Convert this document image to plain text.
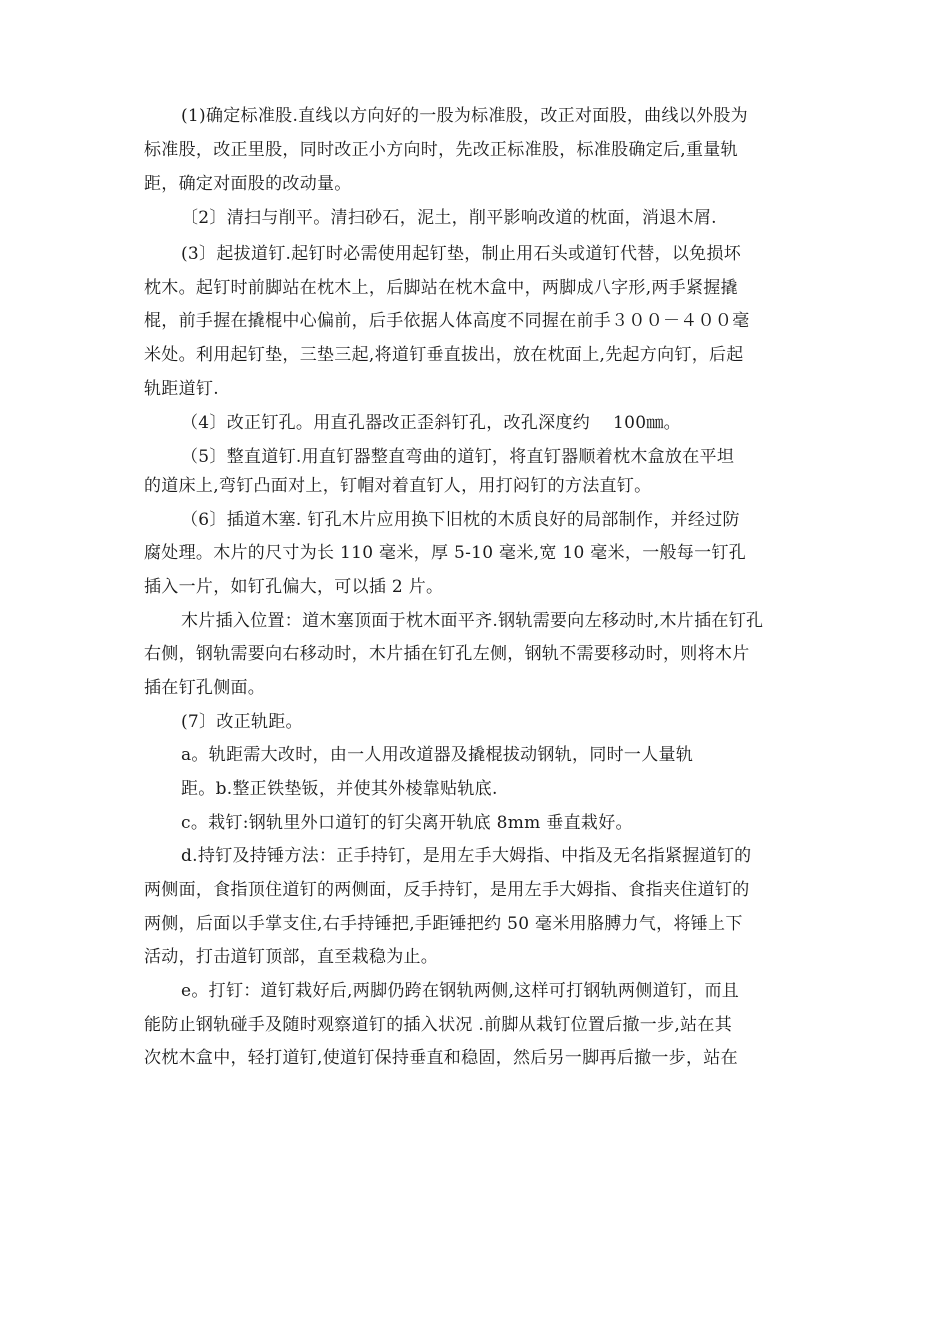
(1)确定标准股.直线以方向好的一股为标准股，改正对面股，曲线以外股为
标准股，改正里股，同时改正小方向时，先改正标准股，标准股确定后,重量轨
距，确定对面股的改动量。
〔2〕清扫与削平。清扫砂石，泥土，削平影响改道的枕面，消退木屑.
(3〕起拔道钉.起钉时必需使用起钉垫，制止用石头或道钉代替，以免损坏
枕木。起钉时前脚站在枕木上，后脚站在枕木盒中，两脚成八字形,两手紧握撬
棍，前手握在撬棍中心偏前，后手依据人体高度不同握在前手３００－４００毫
米处。利用起钉垫，三垫三起,将道钉垂直拔出，放在枕面上,先起方向钉，后起
轨距道钉.
（4〕改正钉孔。用直孔器改正歪斜钉孔，改孔深度约　 100㎜。
（5〕整直道钉.用直钉器整直弯曲的道钉，将直钉器顺着枕木盒放在平坦
的道床上,弯钉凸面对上，钉帽对着直钉人，用打闷钉的方法直钉。
（6〕插道木塞. 钉孔木片应用换下旧枕的木质良好的局部制作，并经过防
腐处理。木片的尺寸为长 110 毫米，厚 5-10 毫米,宽 10 毫米，一般每一钉孔
插入一片，如钉孔偏大，可以插 2 片。
木片插入位置：道木塞顶面于枕木面平齐.钢轨需要向左移动时,木片插在钉孔
右侧，钢轨需要向右移动时，木片插在钉孔左侧，钢轨不需要移动时，则将木片
插在钉孔侧面。
(7〕改正轨距。
a。轨距需大改时，由一人用改道器及撬棍拔动钢轨，同时一人量轨
距。b.整正铁垫钣，并使其外棱靠贴轨底.
c。栽钉:钢轨里外口道钉的钉尖离开轨底 8mm 垂直栽好。
d.持钉及持锤方法：正手持钉，是用左手大姆指、中指及无名指紧握道钉的
两侧面，食指顶住道钉的两侧面，反手持钉，是用左手大姆指、食指夹住道钉的
两侧，后面以手掌支住,右手持锤把,手距锤把约 50 毫米用胳膊力气，将锤上下
活动，打击道钉顶部，直至栽稳为止。
e。打钉：道钉栽好后,两脚仍跨在钢轨两侧,这样可打钢轨两侧道钉，而且
能防止钢轨碰手及随时观察道钉的插入状况 .前脚从栽钉位置后撤一步,站在其
次枕木盒中，轻打道钉,使道钉保持垂直和稳固，然后另一脚再后撤一步，站在
